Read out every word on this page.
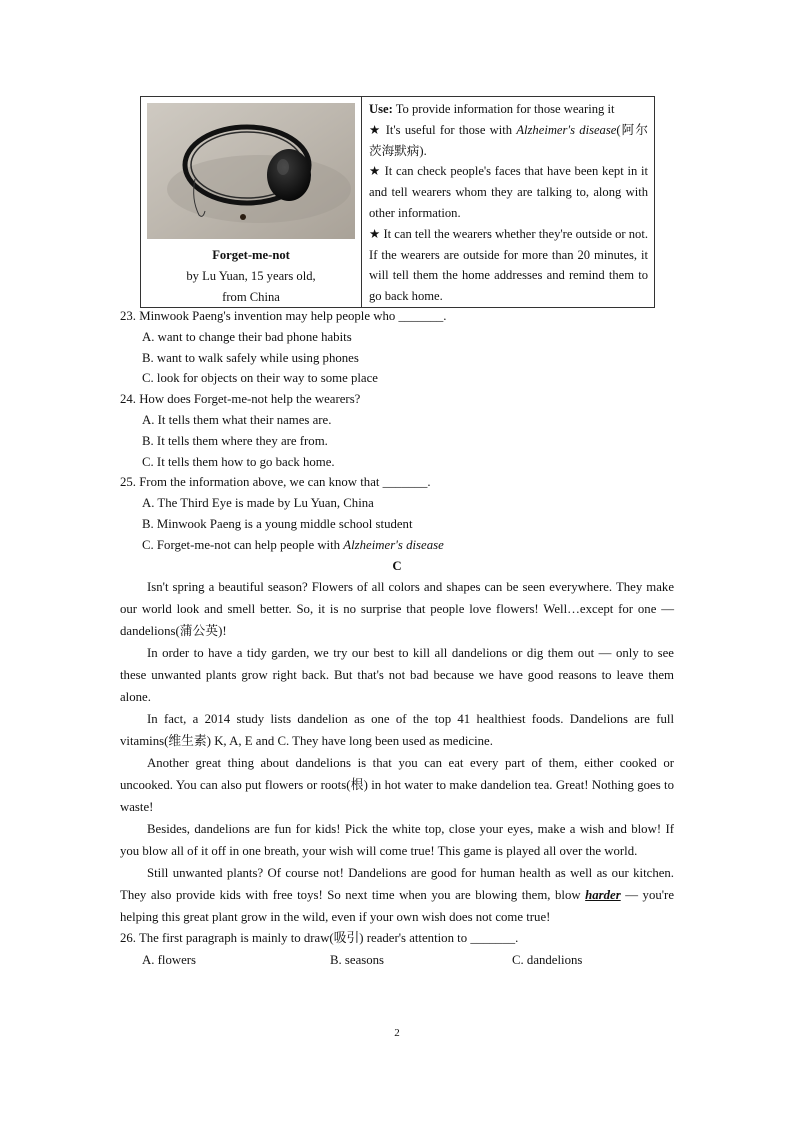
Forget-me-not
by Lu Yuan, 15 years old,
from China

Use: To provide information for those wearing it

★ It's useful for those with Alzheimer's disease(阿尔茨海默病).

★ It can check people's faces that have been kept in it and tell wearers whom they are talking to, along with other information.

★ It can tell the wearers whether they're outside or not. If the wearers are outside for more than 20 minutes, it will tell them the home addresses and remind them to go back home.

23. Minwook Paeng's invention may help people who _______.

A. want to change their bad phone habits

B. want to walk safely while using phones

C. look for objects on their way to some place

24. How does Forget-me-not help the wearers?

A. It tells them what their names are.

B. It tells them where they are from.

C. It tells them how to go back home.

25. From the information above, we can know that _______.

A. The Third Eye is made by Lu Yuan, China

B. Minwook Paeng is a young middle school student

C. Forget-me-not can help people with Alzheimer's disease

C

Isn't spring a beautiful season? Flowers of all colors and shapes can be seen everywhere. They make our world look and smell better. So, it is no surprise that people love flowers! Well…except for one — dandelions(蒲公英)!

In order to have a tidy garden, we try our best to kill all dandelions or dig them out — only to see these unwanted plants grow right back. But that's not bad because we have good reasons to leave them alone.

In fact, a 2014 study lists dandelion as one of the top 41 healthiest foods. Dandelions are full vitamins(维生素) K, A, E and C. They have long been used as medicine.

Another great thing about dandelions is that you can eat every part of them, either cooked or uncooked. You can also put flowers or roots(根) in hot water to make dandelion tea. Great! Nothing goes to waste!

Besides, dandelions are fun for kids! Pick the white top, close your eyes, make a wish and blow! If you blow all of it off in one breath, your wish will come true! This game is played all over the world.

Still unwanted plants? Of course not! Dandelions are good for human health as well as our kitchen. They also provide kids with free toys! So next time when you are blowing them, blow harder — you're helping this great plant grow in the wild, even if your own wish does not come true!

26. The first paragraph is mainly to draw(吸引) reader's attention to _______.

A. flowers	B. seasons	C. dandelions
2
